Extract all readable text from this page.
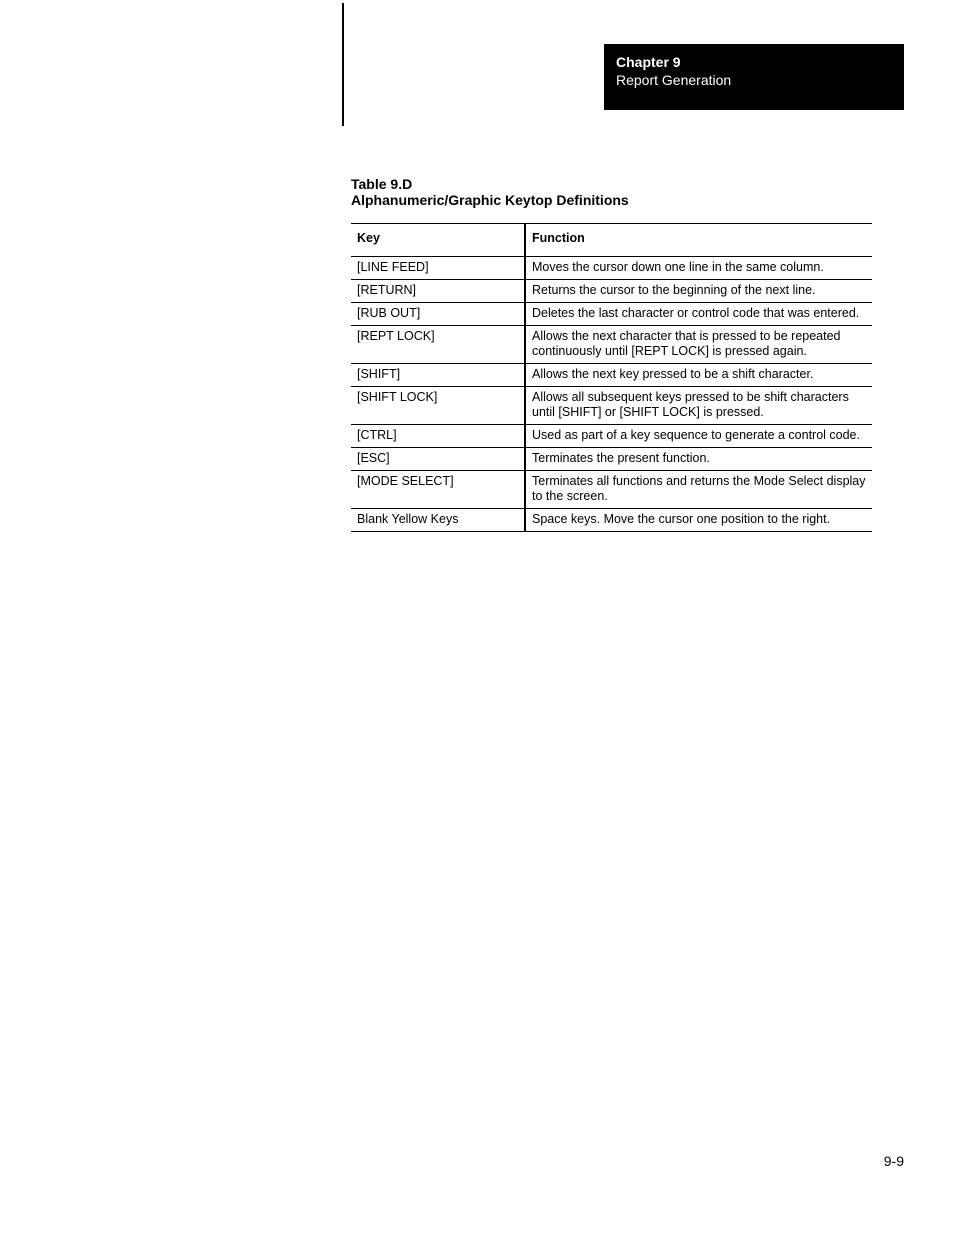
Chapter 9
Report Generation
Table 9.D
Alphanumeric/Graphic Keytop Definitions
Key	Function
[LINE FEED]	Moves the cursor down one line in the same column.
[RETURN]	Returns the cursor to the beginning of the next line.
[RUB OUT]	Deletes the last character or control code that was entered.
[REPT LOCK]	Allows the next character that is pressed to be repeated continuously until [REPT LOCK] is pressed again.
[SHIFT]	Allows the next key pressed to be a shift character.
[SHIFT LOCK]	Allows all subsequent keys pressed to be shift characters until [SHIFT] or [SHIFT LOCK] is pressed.
[CTRL]	Used as part of a key sequence to generate a control code.
[ESC]	Terminates the present function.
[MODE SELECT]	Terminates all functions and returns the Mode Select display to the screen.
Blank Yellow Keys	Space keys. Move the cursor one position to the right.
9-9
